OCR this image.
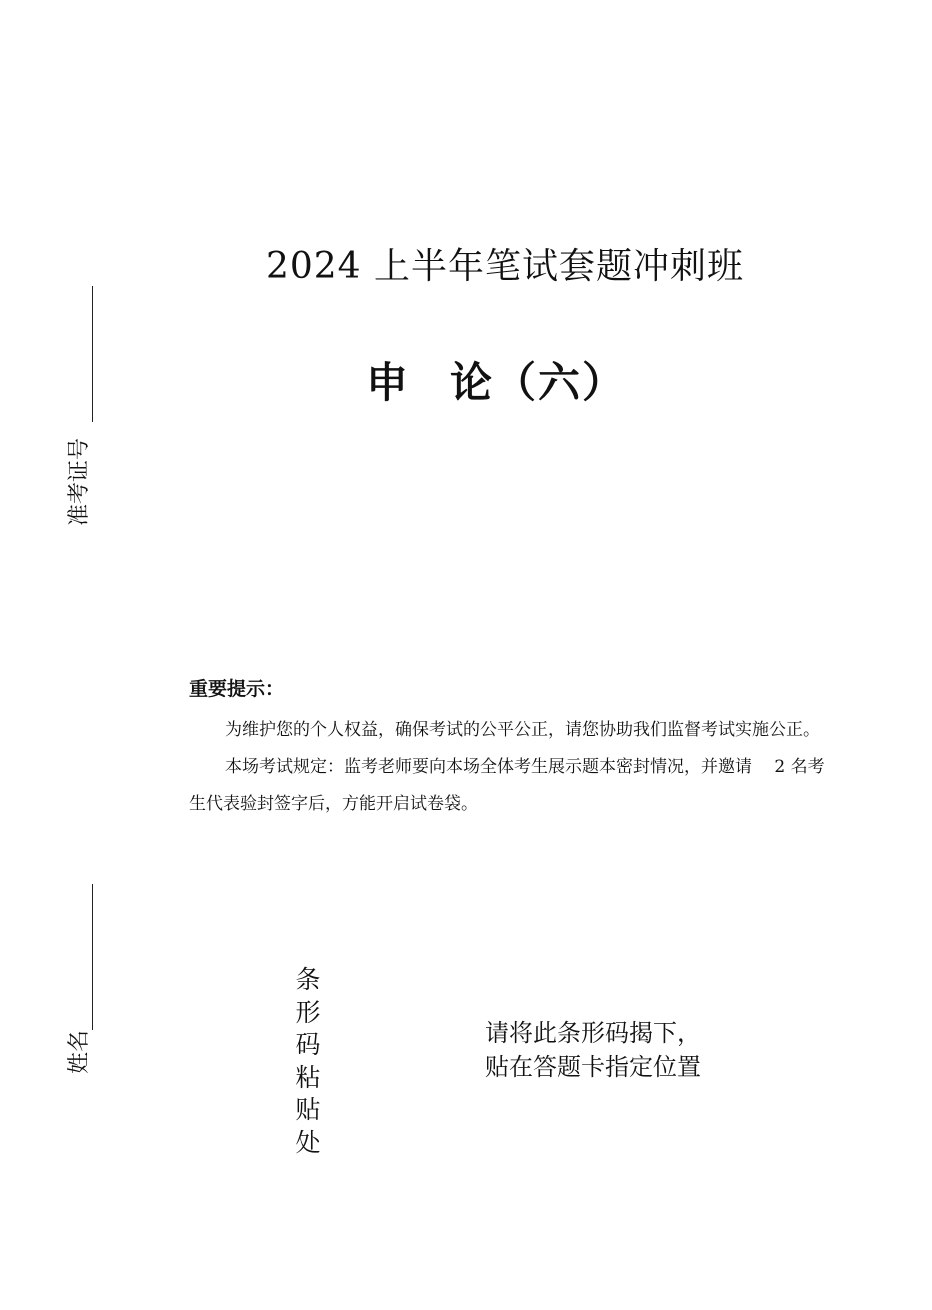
准考证号
姓名
2024 上半年笔试套题冲刺班
申 论（六）
重要提示：

为维护您的个人权益，确保考试的公平公正，请您协助我们监督考试实施公正。

本场考试规定：监考老师要向本场全体考生展示题本密封情况，并邀请　 2 名考生代表验封签字后，方能开启试卷袋。

条
形
码
粘
贴
处
请将此条形码揭下，
贴在答题卡指定位置
